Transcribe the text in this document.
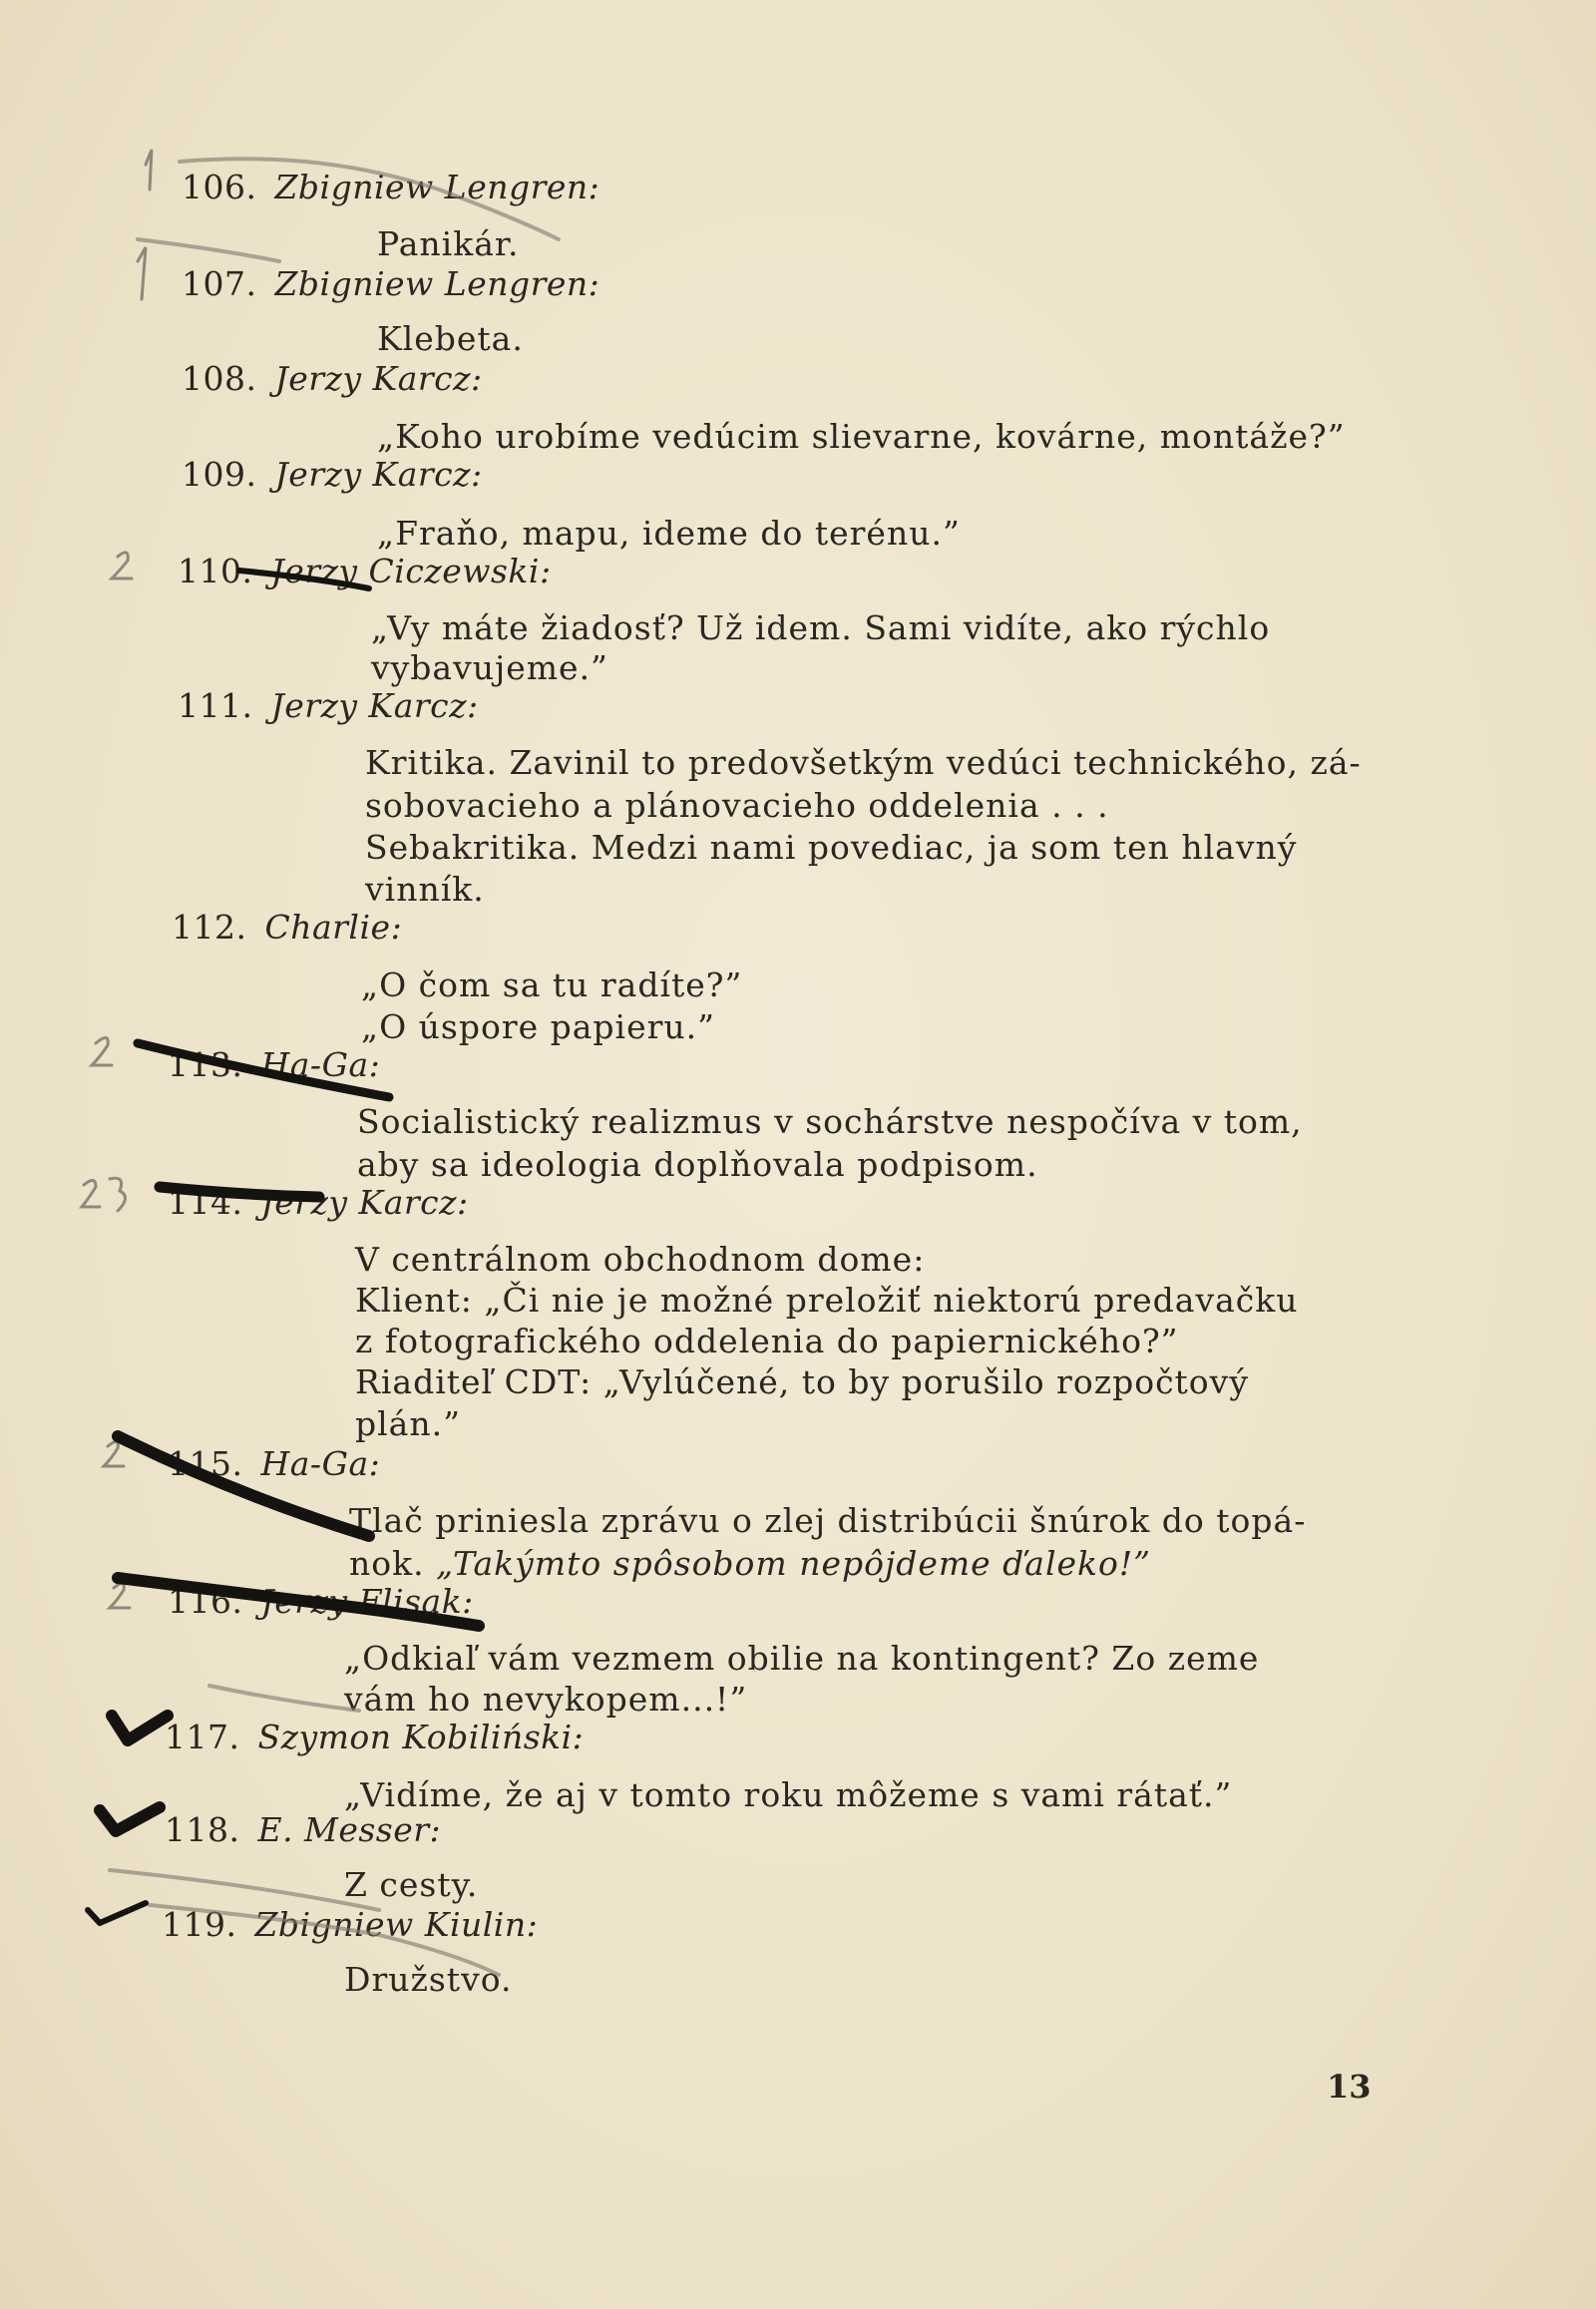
106. Zbigniew Lengren:
Panikár.
107. Zbigniew Lengren:
Klebeta.
108. Jerzy Karcz:
„Koho urobíme vedúcim slievarne, kovárne, montáže?”
109. Jerzy Karcz:
„Fraňo, mapu, ideme do terénu.”
110. Jerzy Ciczewski:
„Vy máte žiadosť? Už idem. Sami vidíte, ako rýchlo
vybavujeme.”
111. Jerzy Karcz:
Kritika. Zavinil to predovšetkým vedúci technického, zá-
sobovacieho a plánovacieho oddelenia . . .
Sebakritika. Medzi nami povediac, ja som ten hlavný
vinník.
112. Charlie:
„O čom sa tu radíte?”
„O úspore papieru.”
113. Ha-Ga:
Socialistický realizmus v sochárstve nespočíva v tom,
aby sa ideologia doplňovala podpisom.
114. Jerzy Karcz:
V centrálnom obchodnom dome:
Klient: „Či nie je možné preložiť niektorú predavačku
z fotografického oddelenia do papiernického?”
Riaditeľ CDT: „Vylúčené, to by porušilo rozpočtový
plán.”
115. Ha-Ga:
Tlač priniesla zprávu o zlej distribúcii šnúrok do topá-
nok. „Takýmto spôsobom nepôjdeme ďaleko!”
116. Jerzy Flisak:
„Odkiaľ vám vezmem obilie na kontingent? Zo zeme
vám ho nevykopem...!”
117. Szymon Kobiliński:
„Vidíme, že aj v tomto roku môžeme s vami rátať.”
118. E. Messer:
Z cesty.
119. Zbigniew Kiulin:
Družstvo.
13
